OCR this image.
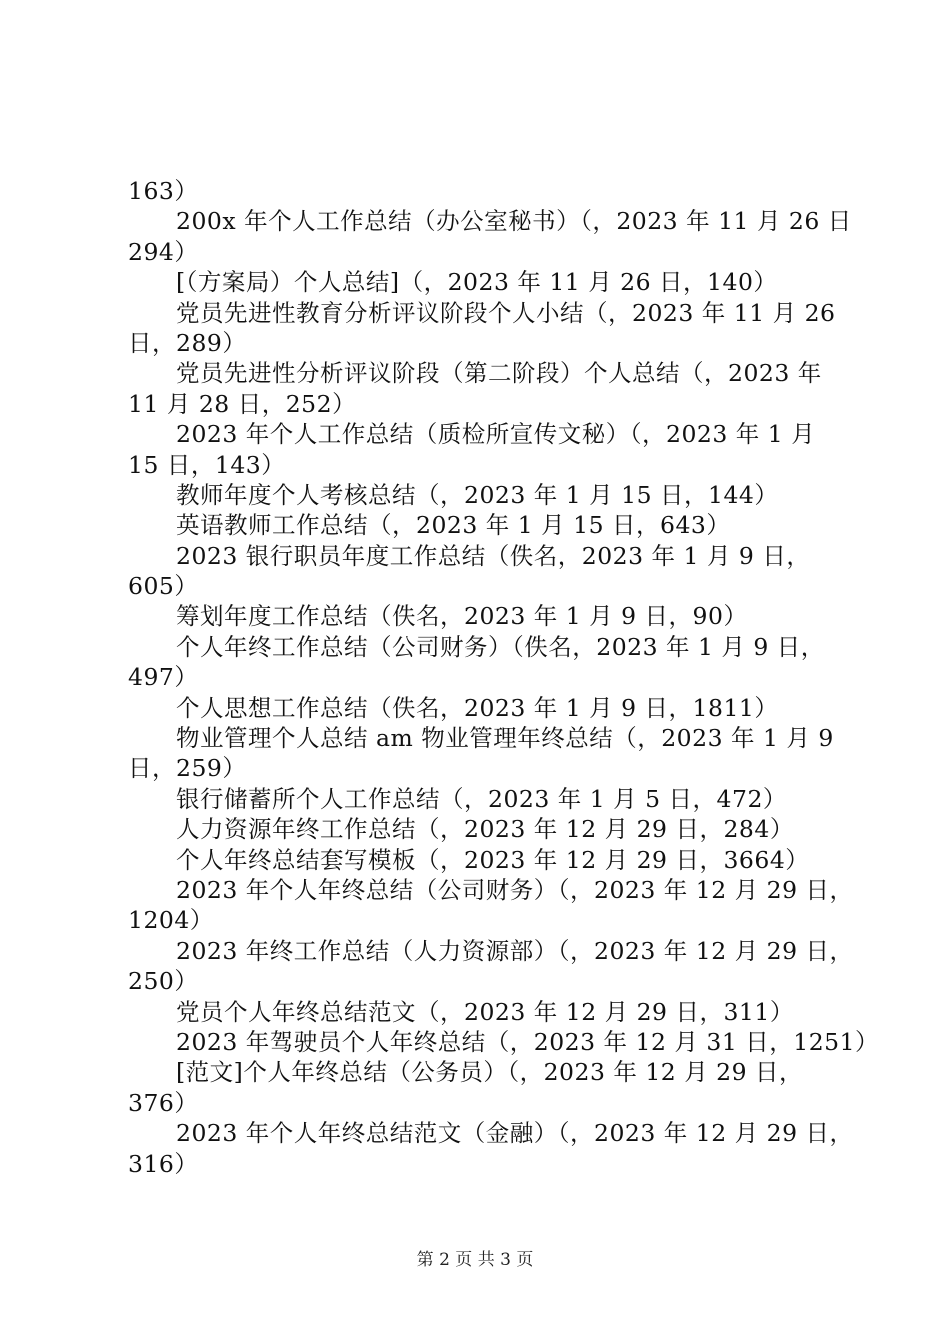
163）
200x 年个人工作总结（办公室秘书）（，2023 年 11 月 26 日
294）
[（方案局）个人总结]（，2023 年 11 月 26 日，140）
党员先进性教育分析评议阶段个人小结（，2023 年 11 月 26
日，289）
党员先进性分析评议阶段（第二阶段）个人总结（，2023 年
11 月 28 日，252）
2023 年个人工作总结（质检所宣传文秘）（，2023 年 1 月
15 日，143）
教师年度个人考核总结（，2023 年 1 月 15 日，144）
英语教师工作总结（，2023 年 1 月 15 日，643）
2023 银行职员年度工作总结（佚名，2023 年 1 月 9 日，
605）
筹划年度工作总结（佚名，2023 年 1 月 9 日，90）
个人年终工作总结（公司财务）（佚名，2023 年 1 月 9 日，
497）
个人思想工作总结（佚名，2023 年 1 月 9 日，1811）
物业管理个人总结 am 物业管理年终总结（，2023 年 1 月 9
日，259）
银行储蓄所个人工作总结（，2023 年 1 月 5 日，472）
人力资源年终工作总结（，2023 年 12 月 29 日，284）
个人年终总结套写模板（，2023 年 12 月 29 日，3664）
2023 年个人年终总结（公司财务）（，2023 年 12 月 29 日，
1204）
2023 年终工作总结（人力资源部）（，2023 年 12 月 29 日，
250）
党员个人年终总结范文（，2023 年 12 月 29 日，311）
2023 年驾驶员个人年终总结（，2023 年 12 月 31 日，1251）
[范文]个人年终总结（公务员）（，2023 年 12 月 29 日，
376）
2023 年个人年终总结范文（金融）（，2023 年 12 月 29 日，
316）
第 2 页 共 3 页
